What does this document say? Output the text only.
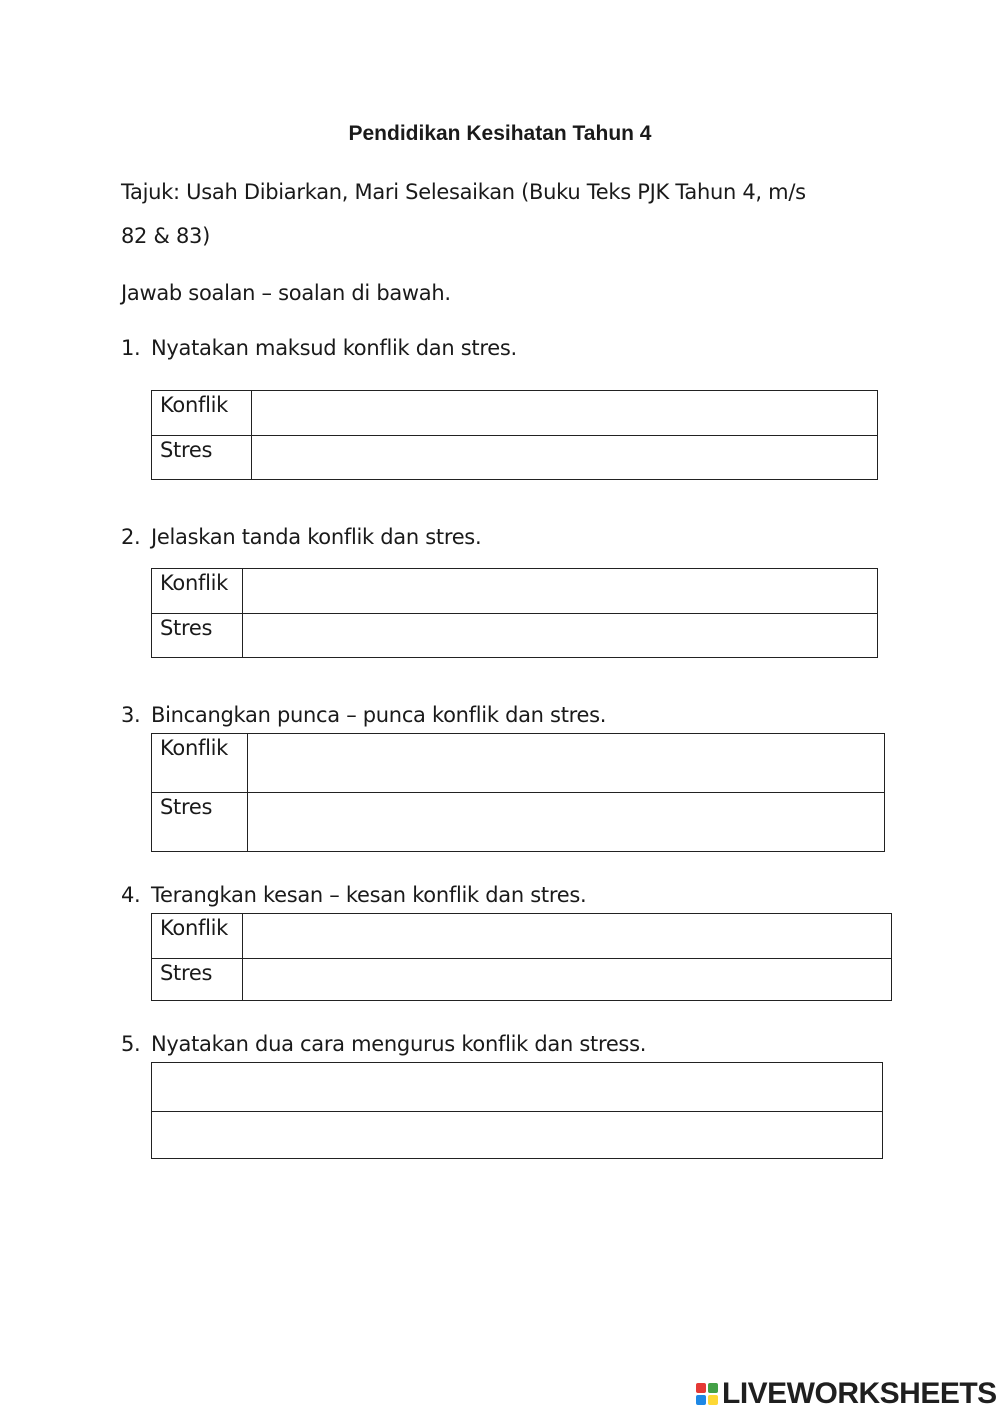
Pendidikan Kesihatan Tahun 4
Tajuk: Usah Dibiarkan, Mari Selesaikan (Buku Teks PJK Tahun 4, m/s
82 & 83)
Jawab soalan – soalan di bawah.
1. Nyatakan maksud konflik dan stres.
Konflik	
Stres	
2. Jelaskan tanda konflik dan stres.
Konflik	
Stres	
3. Bincangkan punca – punca konflik dan stres.
Konflik	
Stres	
4. Terangkan kesan – kesan konflik dan stres.
Konflik	
Stres	
5. Nyatakan dua cara mengurus konflik dan stress.

LIVEWORKSHEETS
